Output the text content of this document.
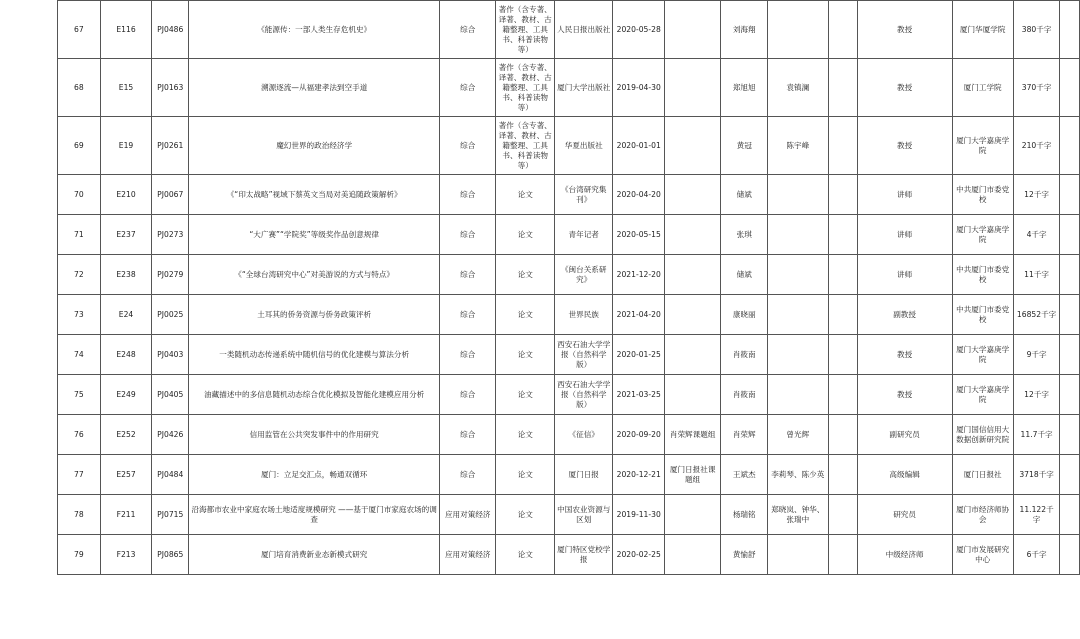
67	E116	PJ0486	《能源传：一部人类生存危机史》	综合	著作（含专著、译著、教材、古籍整理、工具书、科普读物等）	人民日报出版社	2020-05-28		刘海翔			教授	厦门华厦学院	380千字	
68	E15	PJ0163	溯源逐流—从福建孝法到空手道	综合	著作（含专著、译著、教材、古籍整理、工具书、科普读物等）	厦门大学出版社	2019-04-30		郑旭旭	袁镇澜		教授	厦门工学院	370千字	
69	E19	PJ0261	魔幻世界的政治经济学	综合	著作（含专著、译著、教材、古籍整理、工具书、科普读物等）	华夏出版社	2020-01-01		黄冠	陈宇峰		教授	厦门大学嘉庚学院	210千字	
70	E210	PJ0067	《“印太战略”视域下蔡英文当局对美追随政策解析》	综合	论文	《台湾研究集刊》	2020-04-20		储斌			讲师	中共厦门市委党校	12千字	
71	E237	PJ0273	“大广赛”“学院奖”等级奖作品创意规律	综合	论文	青年记者	2020-05-15		张琪			讲师	厦门大学嘉庚学院	4千字	
72	E238	PJ0279	《“全球台湾研究中心”对美游说的方式与特点》	综合	论文	《闽台关系研究》	2021-12-20		储斌			讲师	中共厦门市委党校	11千字	
73	E24	PJ0025	土耳其的侨务资源与侨务政策评析	综合	论文	世界民族	2021-04-20		康晓丽			副教授	中共厦门市委党校	16852千字	
74	E248	PJ0403	一类随机动态传递系统中随机信号的优化建模与算法分析	综合	论文	西安石油大学学报（自然科学版）	2020-01-25		肖筱南			教授	厦门大学嘉庚学院	9千字	
75	E249	PJ0405	油藏描述中的多信息随机动态综合优化模拟及智能化建模应用分析	综合	论文	西安石油大学学报（自然科学版）	2021-03-25		肖筱南			教授	厦门大学嘉庚学院	12千字	
76	E252	PJ0426	信用监管在公共突发事件中的作用研究	综合	论文	《征信》	2020-09-20	肖荣辉课题组	肖荣辉	曾光辉		副研究员	厦门国信信用大数据创新研究院	11.7千字	
77	E257	PJ0484	厦门：立足交汇点，畅通双循环	综合	论文	厦门日报	2020-12-21	厦门日报社课题组	王斌杰	李莉琴、陈少英		高级编辑	厦门日报社	3718千字	
78	F211	PJ0715	沿海都市农业中家庭农场土地适度规模研究 ——基于厦门市家庭农场的调查	应用对策经济	论文	中国农业资源与区划	2019-11-30		杨瑞铭	郑晓岚、钟华、张瑞中		研究员	厦门市经济师协会	11.122千字	
79	F213	PJ0865	厦门培育消费新业态新模式研究	应用对策经济	论文	厦门特区党校学报	2020-02-25		黄愉舒			中级经济师	厦门市发展研究中心	6千字	
